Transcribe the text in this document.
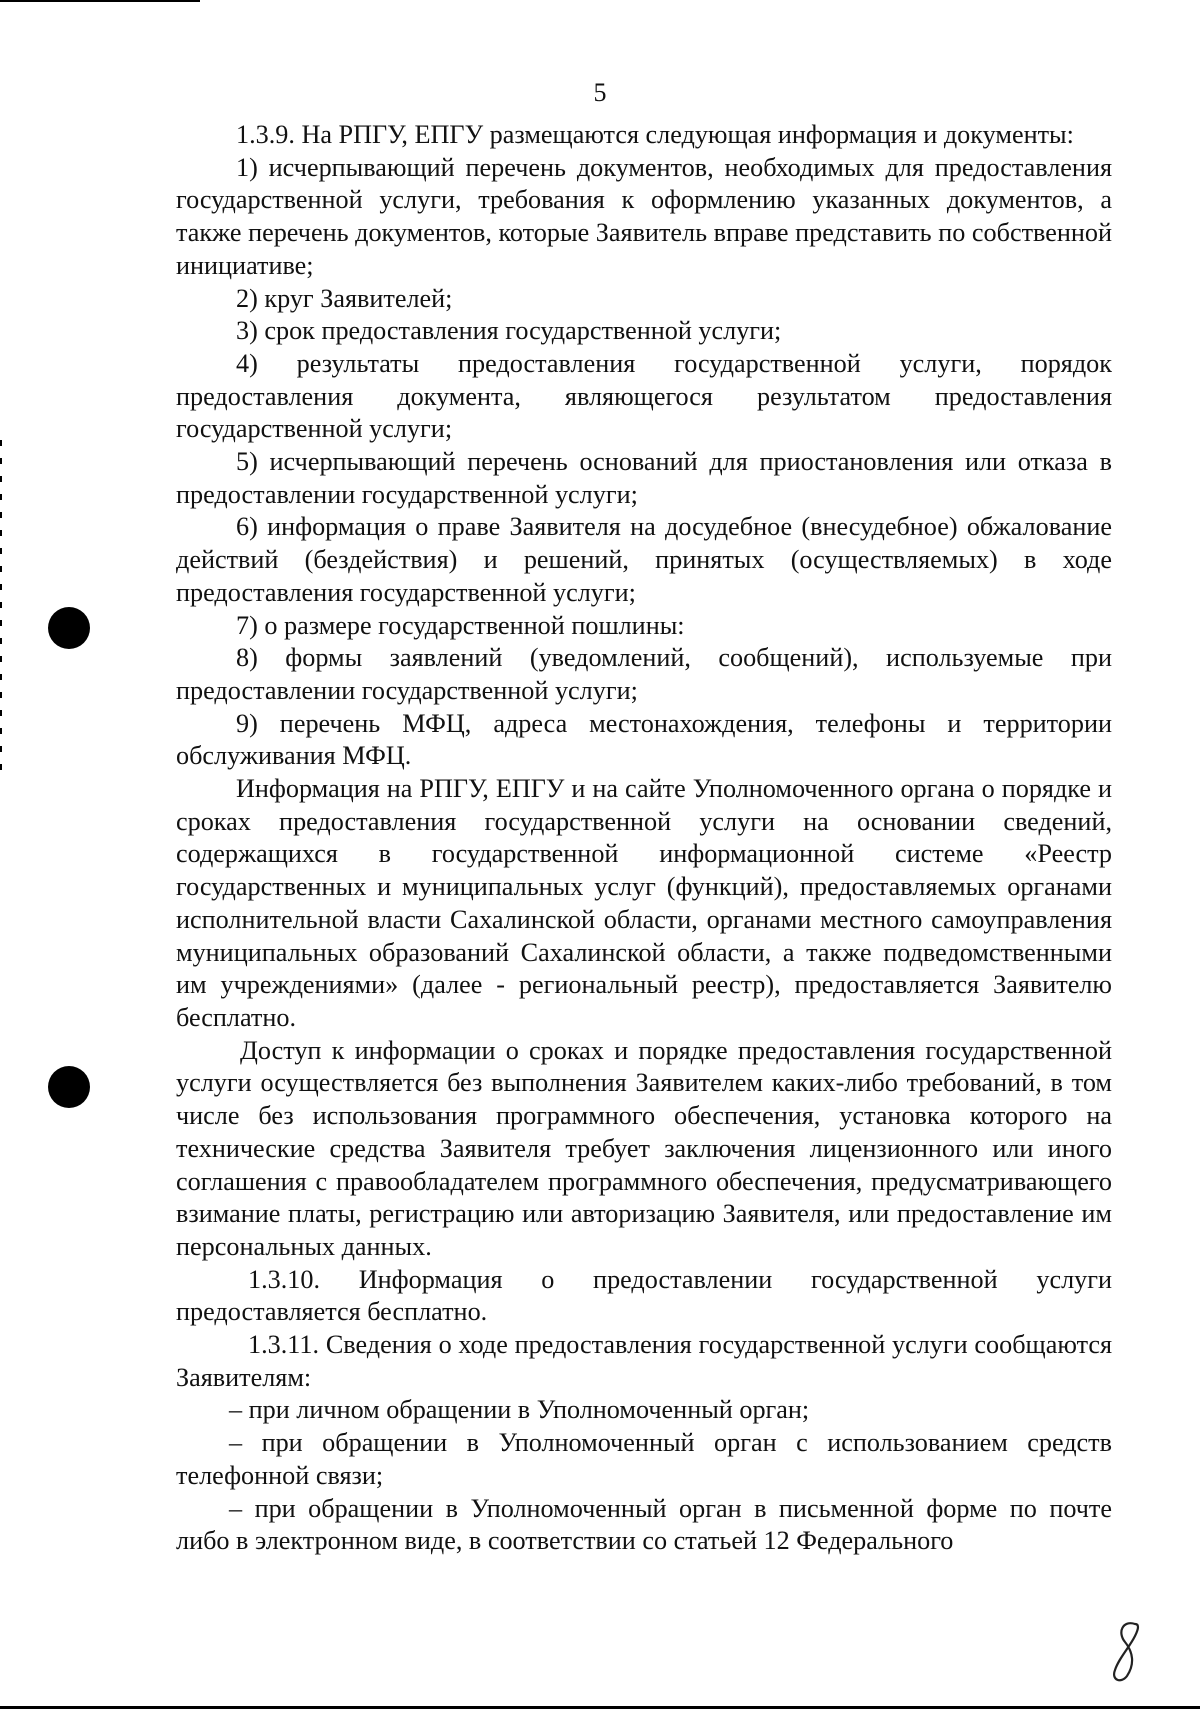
5

1.3.9. На РПГУ, ЕПГУ размещаются следующая информация и документы:

1) исчерпывающий перечень документов, необходимых для предоставления государственной услуги, требования к оформлению указанных документов, а также перечень документов, которые Заявитель вправе представить по собственной инициативе;

2) круг Заявителей;

3) срок предоставления государственной услуги;

4) результаты предоставления государственной услуги, порядок предоставления документа, являющегося результатом предоставления государственной услуги;

5) исчерпывающий перечень оснований для приостановления или отказа в предоставлении государственной услуги;

6) информация о праве Заявителя на досудебное (внесудебное) обжалование действий (бездействия) и решений, принятых (осуществляемых) в ходе предоставления государственной услуги;

7) о размере государственной пошлины:

8) формы заявлений (уведомлений, сообщений), используемые при предоставлении государственной услуги;

9) перечень МФЦ, адреса местонахождения, телефоны и территории обслуживания МФЦ.

Информация на РПГУ, ЕПГУ и на сайте Уполномоченного органа о порядке и сроках предоставления государственной услуги на основании сведений, содержащихся в государственной информационной системе «Реестр государственных и муниципальных услуг (функций), предоставляемых органами исполнительной власти Сахалинской области, органами местного самоуправления муниципальных образований Сахалинской области, а также подведомственными им учреждениями» (далее - региональный реестр), предоставляется Заявителю бесплатно.

Доступ к информации о сроках и порядке предоставления государственной услуги осуществляется без выполнения Заявителем каких-либо требований, в том числе без использования программного обеспечения, установка которого на технические средства Заявителя требует заключения лицензионного или иного соглашения с правообладателем программного обеспечения, предусматривающего взимание платы, регистрацию или авторизацию Заявителя, или предоставление им персональных данных.

1.3.10. Информация о предоставлении государственной услуги предоставляется бесплатно.

1.3.11. Сведения о ходе предоставления государственной услуги сообщаются Заявителям:

– при личном обращении в Уполномоченный орган;

– при обращении в Уполномоченный орган с использованием средств телефонной связи;

– при обращении в Уполномоченный орган в письменной форме по почте либо в электронном виде, в соответствии со статьей 12 Федерального
